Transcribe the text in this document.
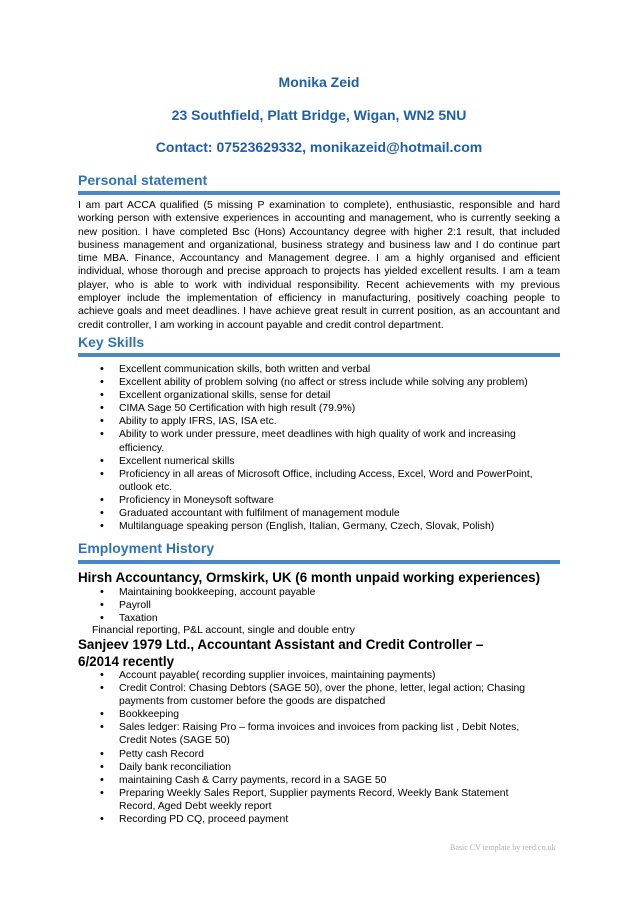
Monika Zeid
23 Southfield, Platt Bridge, Wigan, WN2 5NU
Contact: 07523629332, monikazeid@hotmail.com
Personal statement
I am part ACCA qualified (5 missing P examination to complete), enthusiastic, responsible and hard working person with extensive experiences in accounting and management, who is currently seeking a new position. I have completed Bsc (Hons) Accountancy degree with higher 2:1 result, that included business management and organizational, business strategy and business law and I do continue part time MBA. Finance, Accountancy and Management degree. I am a highly organised and efficient individual, whose thorough and precise approach to projects has yielded excellent results. I am a team player, who is able to work with individual responsibility. Recent achievements with my previous employer include the implementation of efficiency in manufacturing, positively coaching people to achieve goals and meet deadlines. I have achieve great result in current position, as an accountant and credit controller, I am working in account payable and credit control department.
Key Skills
• Excellent communication skills, both written and verbal
• Excellent ability of problem solving (no affect or stress include while solving any problem)
• Excellent organizational skills, sense for detail
• CIMA Sage 50 Certification with high result (79.9%)
• Ability to apply IFRS, IAS, ISA etc.
• Ability to work under pressure, meet deadlines with high quality of work and increasing efficiency.
• Excellent numerical skills
• Proficiency in all areas of Microsoft Office, including Access, Excel, Word and PowerPoint, outlook etc.
• Proficiency in Moneysoft software
• Graduated accountant with fulfilment of management module
• Multilanguage speaking person (English, Italian, Germany, Czech, Slovak, Polish)
Employment History
Hirsh Accountancy, Ormskirk, UK (6 month unpaid working experiences)
• Maintaining bookkeeping, account payable
• Payroll
• Taxation
Financial reporting, P&L account, single and double entry
Sanjeev 1979 Ltd., Accountant Assistant and Credit Controller – 6/2014 recently
• Account payable( recording supplier invoices, maintaining payments)
• Credit Control: Chasing Debtors (SAGE 50), over the phone, letter, legal action; Chasing payments from customer before the goods are dispatched
• Bookkeeping
• Sales ledger: Raising Pro – forma invoices and invoices from packing list , Debit Notes, Credit Notes (SAGE 50)
• Petty cash Record
• Daily bank reconciliation
• maintaining Cash & Carry payments, record in a SAGE 50
• Preparing Weekly Sales Report, Supplier payments Record, Weekly Bank Statement Record, Aged Debt weekly report
• Recording PD CQ, proceed payment
Basic CV template by reed.co.uk
